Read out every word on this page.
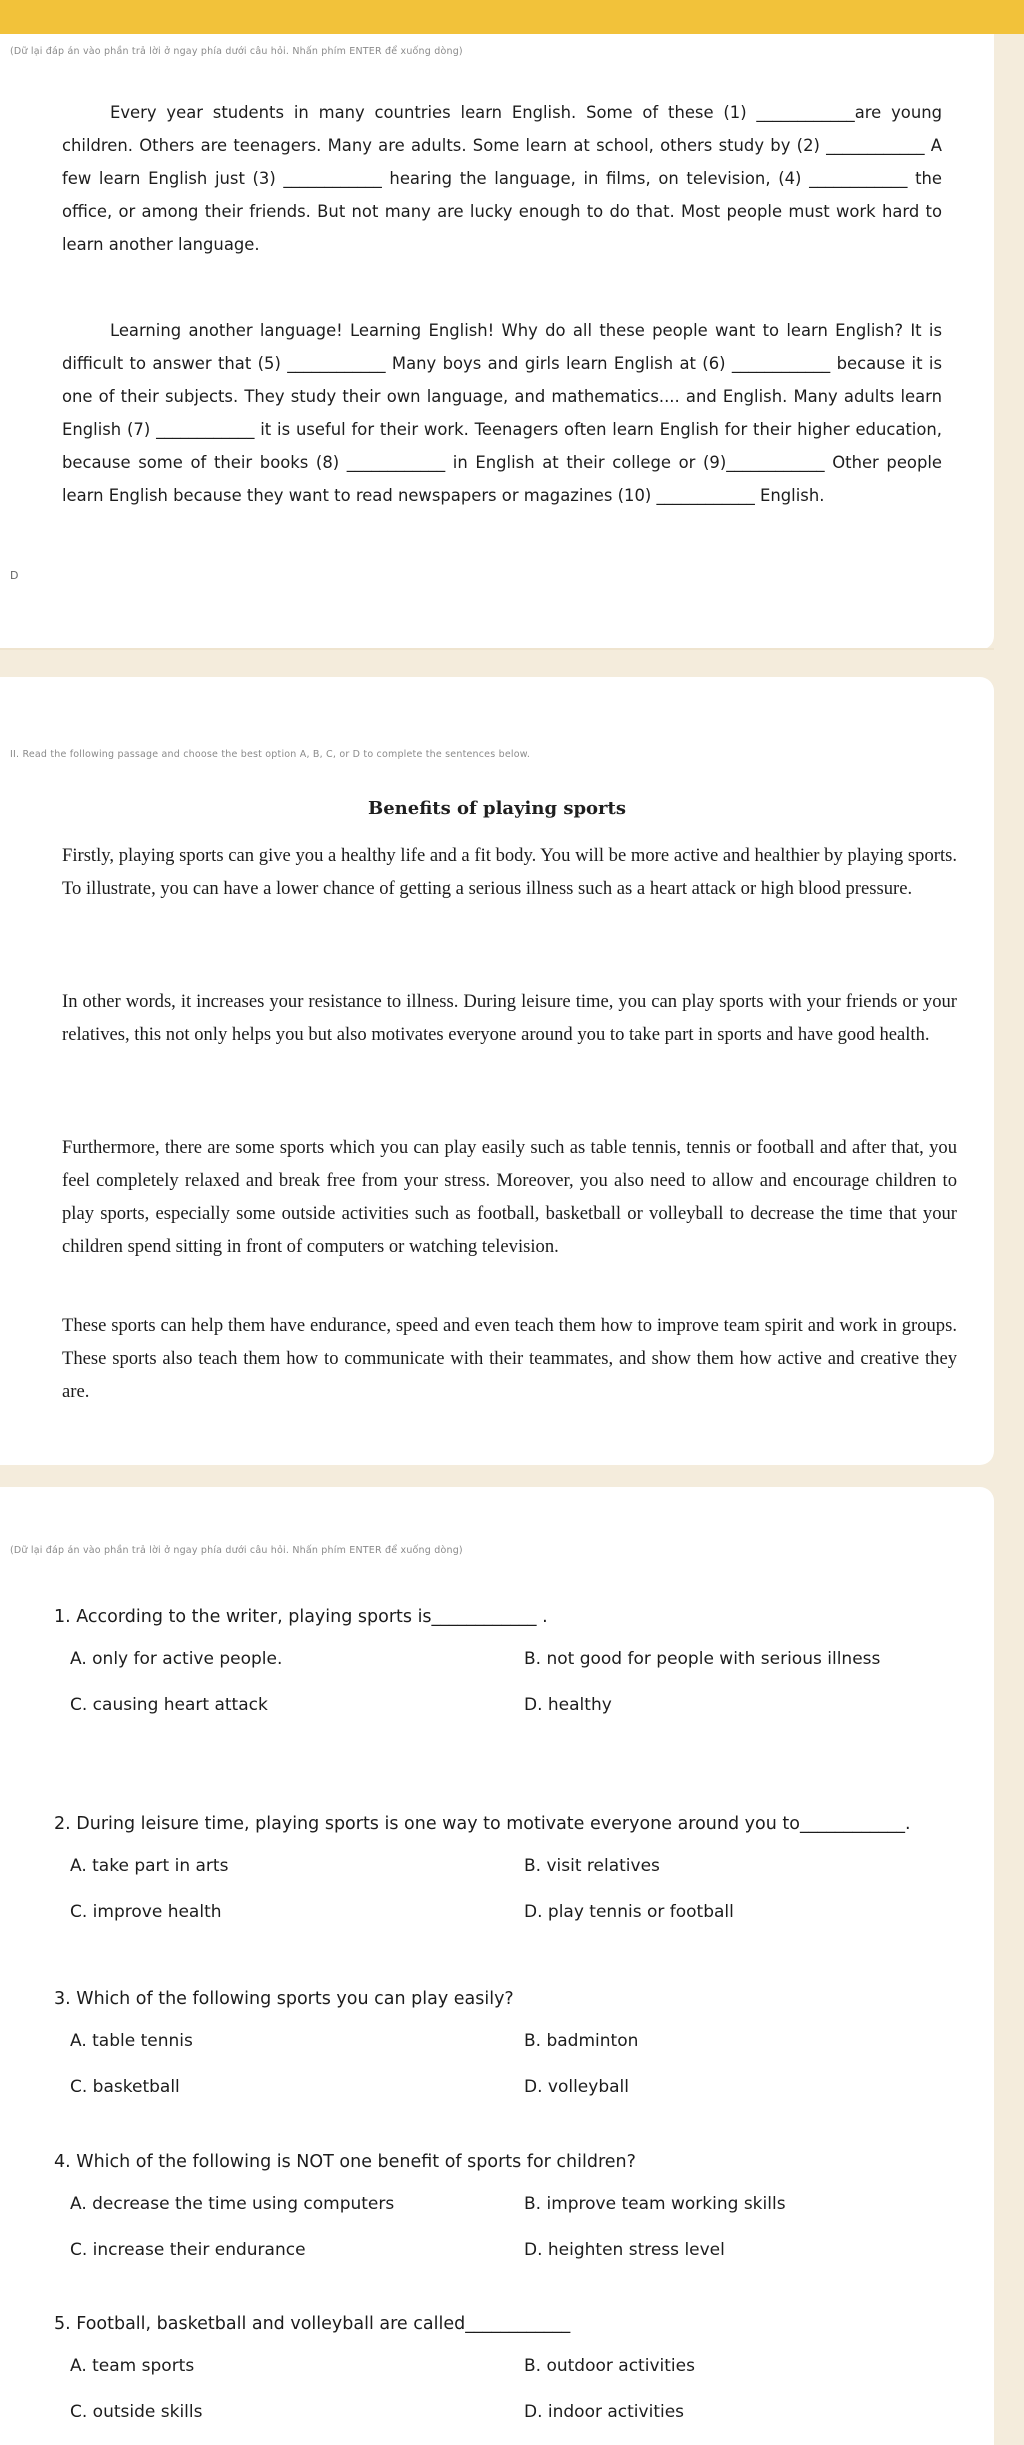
(Dữ lại đáp án vào phần trả lời ở ngay phía dưới câu hỏi. Nhấn phím ENTER để xuống dòng)

Every year students in many countries learn English. Some of these (1) ____________are young children. Others are teenagers. Many are adults. Some learn at school, others study by (2) ____________ A few learn English just (3) ____________ hearing the language, in films, on television, (4) ____________ the office, or among their friends. But not many are lucky enough to do that. Most people must work hard to learn another language.

Learning another language! Learning English! Why do all these people want to learn English? It is difficult to answer that (5) ____________ Many boys and girls learn English at (6) ____________ because it is one of their subjects. They study their own language, and mathematics.... and English. Many adults learn English (7) ____________ it is useful for their work. Teenagers often learn English for their higher education, because some of their books (8) ____________ in English at their college or (9)____________ Other people learn English because they want to read newspapers or magazines (10) ____________ English.

D
II. Read the following passage and choose the best option A, B, C, or D to complete the sentences below.
Benefits of playing sports

Firstly, playing sports can give you a healthy life and a fit body. You will be more active and healthier by playing sports. To illustrate, you can have a lower chance of getting a serious illness such as a heart attack or high blood pressure.

In other words, it increases your resistance to illness. During leisure time, you can play sports with your friends or your relatives, this not only helps you but also motivates everyone around you to take part in sports and have good health.

Furthermore, there are some sports which you can play easily such as table tennis, tennis or football and after that, you feel completely relaxed and break free from your stress. Moreover, you also need to allow and encourage children to play sports, especially some outside activities such as football, basketball or volleyball to decrease the time that your children spend sitting in front of computers or watching television.

These sports can help them have endurance, speed and even teach them how to improve team spirit and work in groups. These sports also teach them how to communicate with their teammates, and show them how active and creative they are.

(Dữ lại đáp án vào phần trả lời ở ngay phía dưới câu hỏi. Nhấn phím ENTER để xuống dòng)
1. According to the writer, playing sports is____________ .
A. only for active people.	B. not good for people with serious illness
C. causing heart attack	D. healthy
2. During leisure time, playing sports is one way to motivate everyone around you to____________.
A. take part in arts	B. visit relatives
C. improve health	D. play tennis or football
3. Which of the following sports you can play easily?
A. table tennis	B. badminton
C. basketball	D. volleyball
4. Which of the following is NOT one benefit of sports for children?
A. decrease the time using computers	B. improve team working skills
C. increase their endurance	D. heighten stress level
5. Football, basketball and volleyball are called____________
A. team sports	B. outdoor activities
C. outside skills	D. indoor activities
